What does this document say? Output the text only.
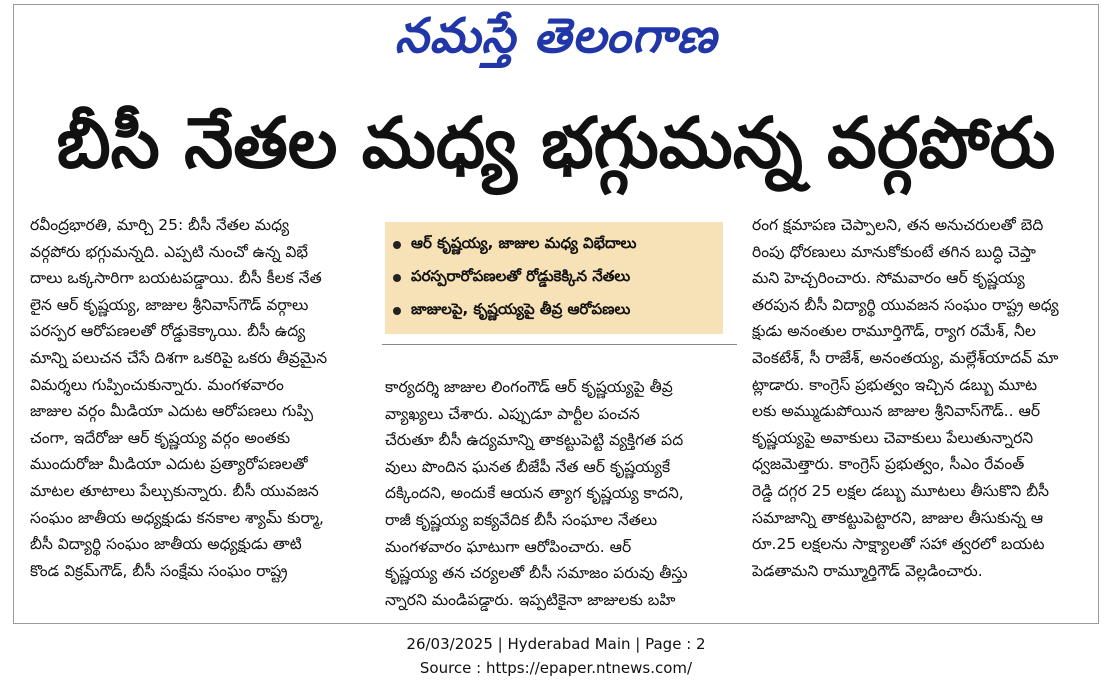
నమస్తే తెలంగాణ
బీసీ నేతల మధ్య భగ్గుమన్న వర్గపోరు
రవీంద్రభారతి, మార్చి 25: బీసీ నేతల మధ్య
వర్గపోరు భగ్గుమన్నది. ఎప్పటి నుంచో ఉన్న విభే
దాలు ఒక్కసారిగా బయటపడ్డాయి. బీసీ కీలక నేత
లైన ఆర్ కృష్ణయ్య, జాజుల శ్రీనివాస్‌గౌడ్ వర్గాలు
పరస్పర ఆరోపణలతో రోడ్డుకెక్కాయి. బీసీ ఉద్య
మాన్ని పలుచన చేసే దిశగా ఒకరిపై ఒకరు తీవ్రమైన
విమర్శలు గుప్పించుకున్నారు. మంగళవారం
జాజుల వర్గం మీడియా ఎదుట ఆరోపణలు గుప్పి
చంగా, ఇదేరోజు ఆర్ కృష్ణయ్య వర్గం అంతకు
ముందురోజు మీడియా ఎదుట ప్రత్యారోపణలతో
మాటల తూటాలు పేల్చుకున్నారు. బీసీ యువజన
సంఘం జాతీయ అధ్యక్షుడు కనకాల శ్యామ్ కుర్మా,
బీసీ విద్యార్థి సంఘం జాతీయ అధ్యక్షుడు తాటి
కొండ విక్రమ్‌గౌడ్, బీసీ సంక్షేమ సంఘం రాష్ట్ర
ఆర్ కృష్ణయ్య, జాజుల మధ్య విభేదాలు
పరస్పరారోపణలతో రోడ్డుకెక్కిన నేతలు
జాజులపై, కృష్ణయ్యపై తీవ్ర ఆరోపణలు
కార్యదర్శి జాజుల లింగంగౌడ్ ఆర్ కృష్ణయ్యపై తీవ్ర
వ్యాఖ్యలు చేశారు. ఎప్పుడూ పార్టీల పంచన
చేరుతూ బీసీ ఉద్యమాన్ని తాకట్టుపెట్టి వ్యక్తిగత పద
వులు పొందిన ఘనత బీజేపీ నేత ఆర్ కృష్ణయ్యకే
దక్కిందని, అందుకే ఆయన త్యాగ కృష్ణయ్య కాదని,
రాజీ కృష్ణయ్య ఐక్యవేదిక బీసీ సంఘాల నేతలు
మంగళవారం ఘాటుగా ఆరోపించారు. ఆర్
కృష్ణయ్య తన చర్యలతో బీసీ సమాజం పరువు తీస్తు
న్నారని మండిపడ్డారు. ఇప్పటికైనా జాజులకు బహి
రంగ క్షమాపణ చెప్పాలని, తన అనుచరులతో బెది
రింపు ధోరణులు మానుకోకుంటే తగిన బుద్ధి చెప్తా
మని హెచ్చరించారు. సోమవారం ఆర్ కృష్ణయ్య
తరపున బీసీ విద్యార్థి యువజన సంఘం రాష్ట్ర అధ్య
క్షుడు అనంతుల రామూర్తిగౌడ్, ర్యాగ రమేశ్, నీల
వెంకటేశ్, సీ రాజేశ్, అనంతయ్య, మల్లేశ్‌యాదవ్ మా
ట్లాడారు. కాంగ్రెస్ ప్రభుత్వం ఇచ్చిన డబ్బు మూట
లకు అమ్ముడుపోయిన జాజుల శ్రీనివాస్‌గౌడ్.. ఆర్
కృష్ణయ్యపై అవాకులు చెవాకులు పేలుతున్నారని
ధ్వజమెత్తారు. కాంగ్రెస్ ప్రభుత్వం, సీఎం రేవంత్
రెడ్డి దగ్గర 25 లక్షల డబ్బు మూటలు తీసుకొని బీసీ
సమాజాన్ని తాకట్టుపెట్టారని, జాజుల తీసుకున్న ఆ
రూ.25 లక్షలను సాక్ష్యాలతో సహా త్వరలో బయట
పెడతామని రామ్మూర్తిగౌడ్ వెల్లడించారు.
26/03/2025 | Hyderabad Main | Page : 2
Source : https://epaper.ntnews.com/
